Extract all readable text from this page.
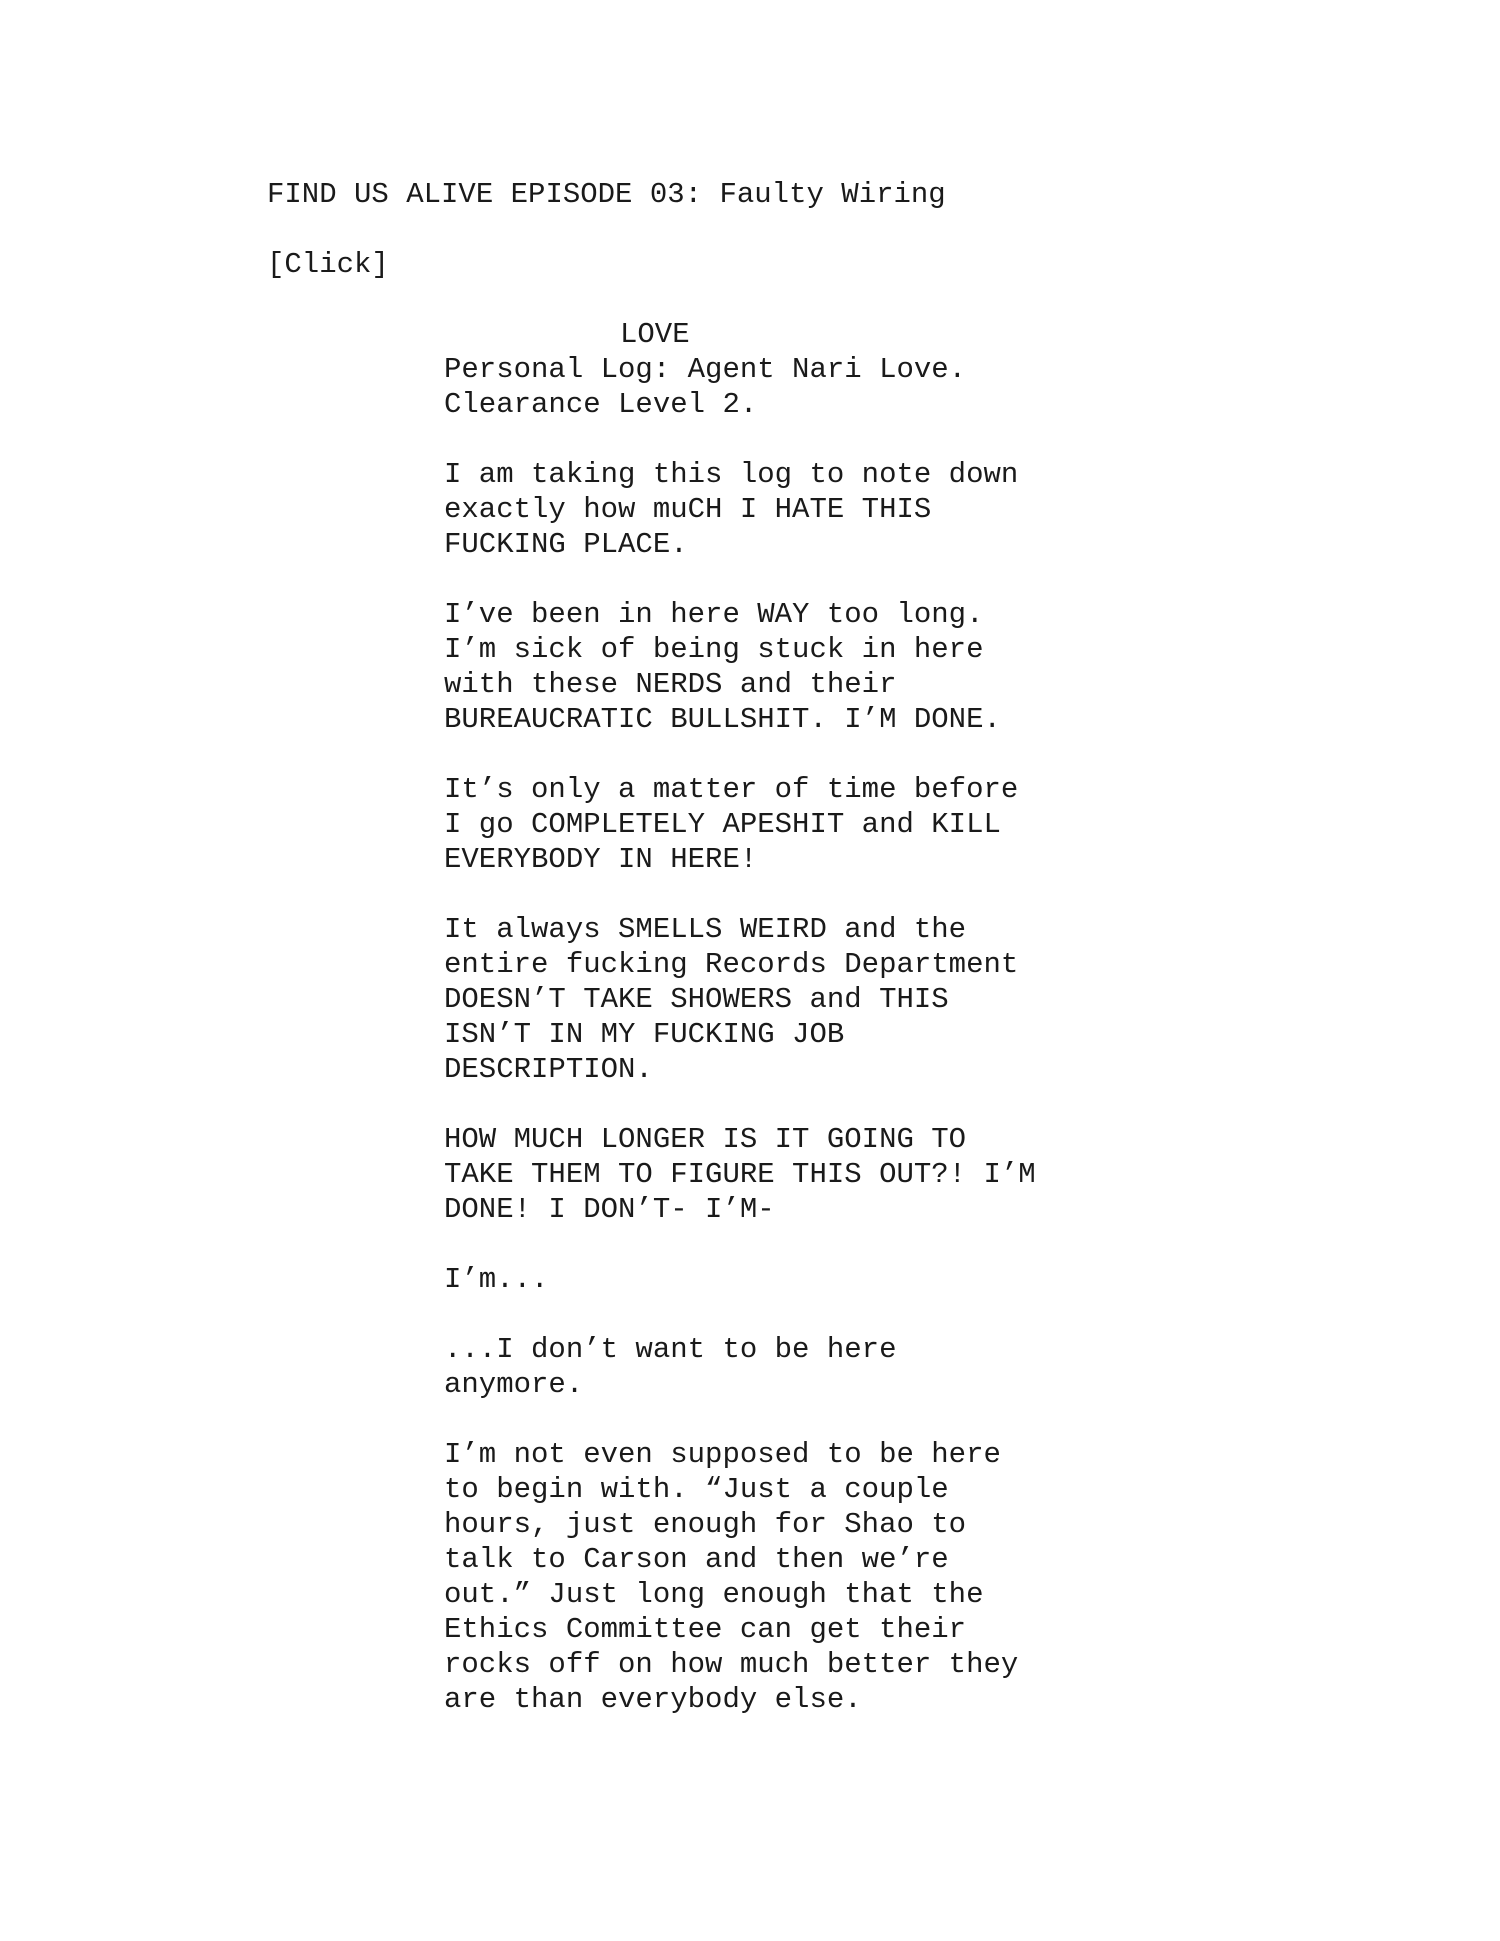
FIND US ALIVE EPISODE 03: Faulty Wiring
[Click]
LOVE

Personal Log: Agent Nari Love.
Clearance Level 2.

I am taking this log to note down
exactly how muCH I HATE THIS
FUCKING PLACE.

I’ve been in here WAY too long.
I’m sick of being stuck in here
with these NERDS and their
BUREAUCRATIC BULLSHIT. I’M DONE.

It’s only a matter of time before
I go COMPLETELY APESHIT and KILL
EVERYBODY IN HERE!

It always SMELLS WEIRD and the
entire fucking Records Department
DOESN’T TAKE SHOWERS and THIS
ISN’T IN MY FUCKING JOB
DESCRIPTION.

HOW MUCH LONGER IS IT GOING TO
TAKE THEM TO FIGURE THIS OUT?! I’M
DONE! I DON’T- I’M-

I’m...

...I don’t want to be here
anymore.

I’m not even supposed to be here
to begin with. “Just a couple
hours, just enough for Shao to
talk to Carson and then we’re
out.” Just long enough that the
Ethics Committee can get their
rocks off on how much better they
are than everybody else.
